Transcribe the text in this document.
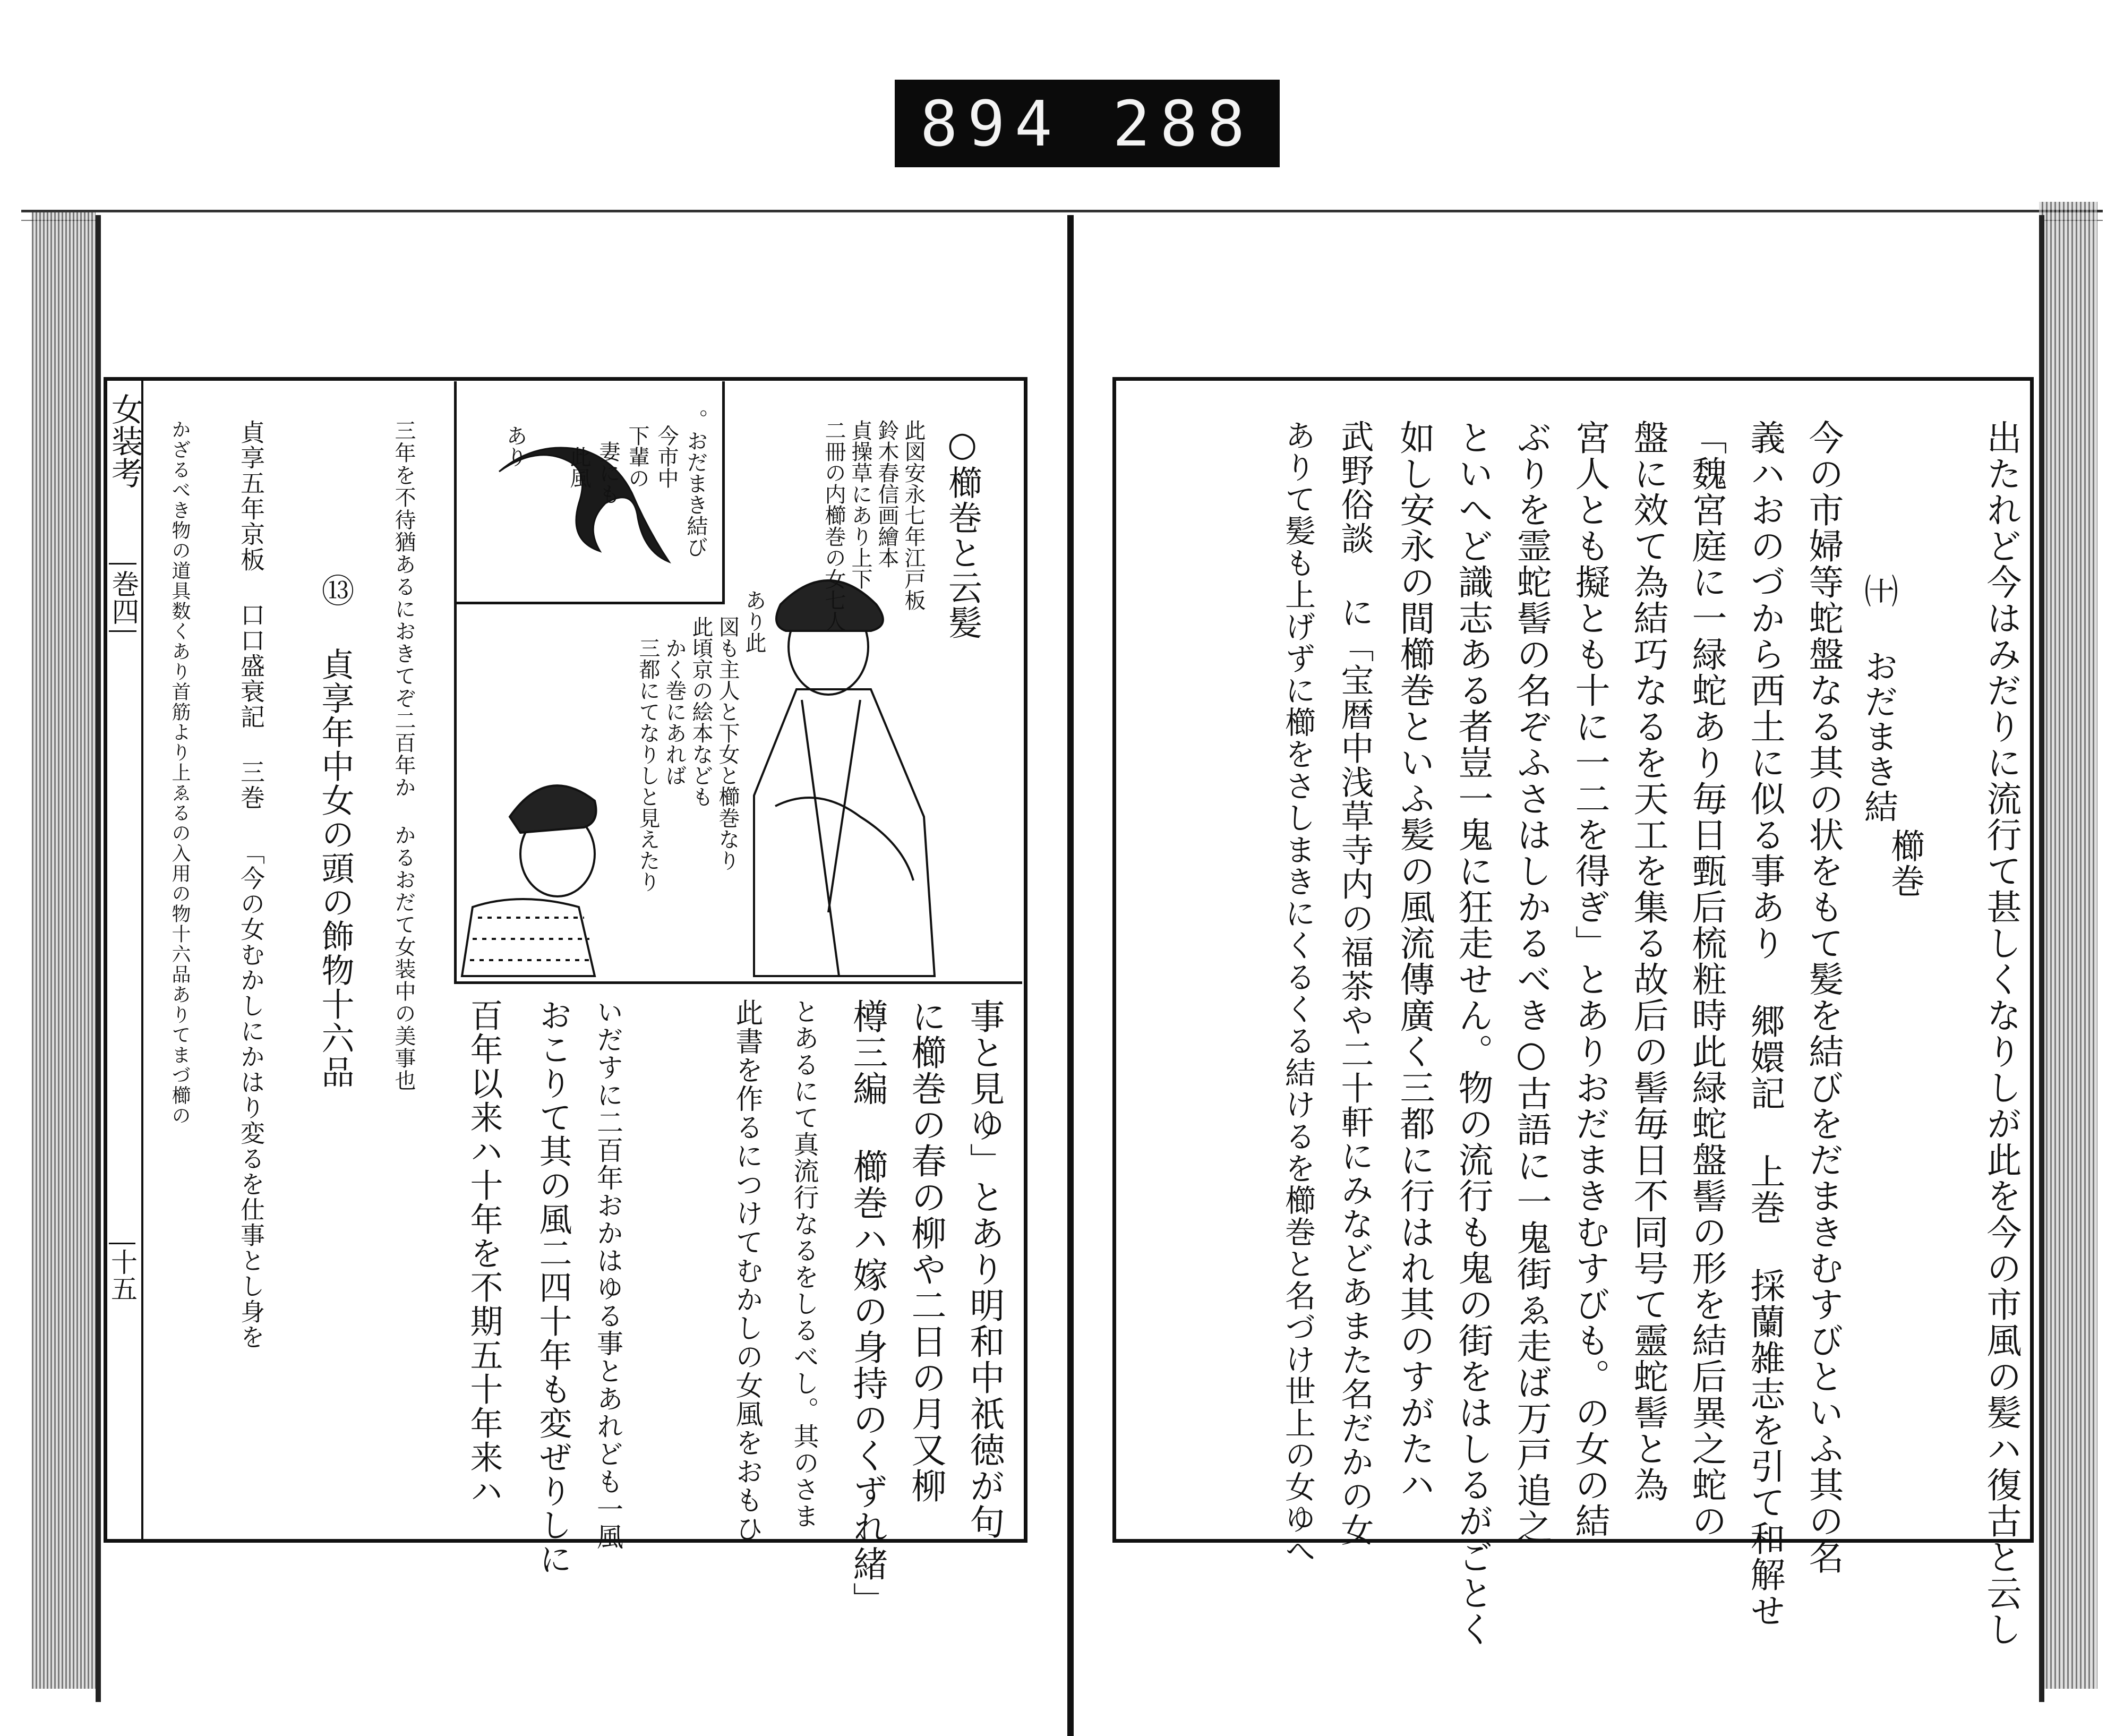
894 288
女装考
巻四
十五	出たれど今はみだりに流行て甚しくなりしが此を今の市風の髪ハ復古と云し
櫛巻
㈩ おだまき結
今の市婦等蛇盤なる其の状をもて髪を結びをだまきむすびといふ其の名
義ハおのづから西土に似る事あり 郷嬛記 上巻 採蘭雑志を引て和解せ
「魏宮庭に一緑蛇あり毎日甄后梳粧時此緑蛇盤髻の形を結后異之蛇の
盤に效て為結巧なるを天工を集る故后の髻毎日不同号て靈蛇髻と為
宮人とも擬とも十に一二を得ぎ」とありおだまきむすびも。の女の結
ぶりを霊蛇髻の名ぞふさはしかるべき○古語に一鬼街ゑ走ば万戸追之
といへど識志ある者豈一鬼に狂走せん。物の流行も鬼の街をはしるがごとく
如し安永の間櫛巻といふ髪の風流傳廣く三都に行はれ其のすがたハ
武野俗談 に「宝暦中浅草寺内の福茶や二十軒にみなどあまた名だかの女
ありて髪も上げずに櫛をさしまきにくるくる結けるを櫛巻と名づけ世上の女ゆへ
○櫛巻と云髪
此図安永七年江戸板
鈴木春信画繪本
貞操草にあり上下
二冊の内櫛巻の女七人
あり此
図も主人と下女と櫛巻なり
此頃京の絵本なども
かく巻にあれば
三都にてなりしと見えたり
。おだまき結び
今市中
下輩の
妻にも
此風
あり
事と見ゆ」とあり明和中祇徳が句
に櫛巻の春の柳や二日の月又柳
樽三編 櫛巻ハ嫁の身持のくずれ緒」
とあるにて真流行なるをしるべし。其のさま
此書を作るにつけてむかしの女風をおもひ
いだすに二百年おかはゆる事とあれども一風
おこりて其の風二四十年も変ぜりしに
百年以来ハ十年を不期五十年来ハ
三年を不待猶あるにおきてぞ二百年か かるおだて女装中の美事也
⑬ 貞享年中女の頭の飾物十六品
貞享五年京板 口口盛衰記 三巻 「今の女むかしにかはり変るを仕事とし身を
かざるべき物の道具数くあり首筋より上ゑるの入用の物十六品ありてまづ櫛の
